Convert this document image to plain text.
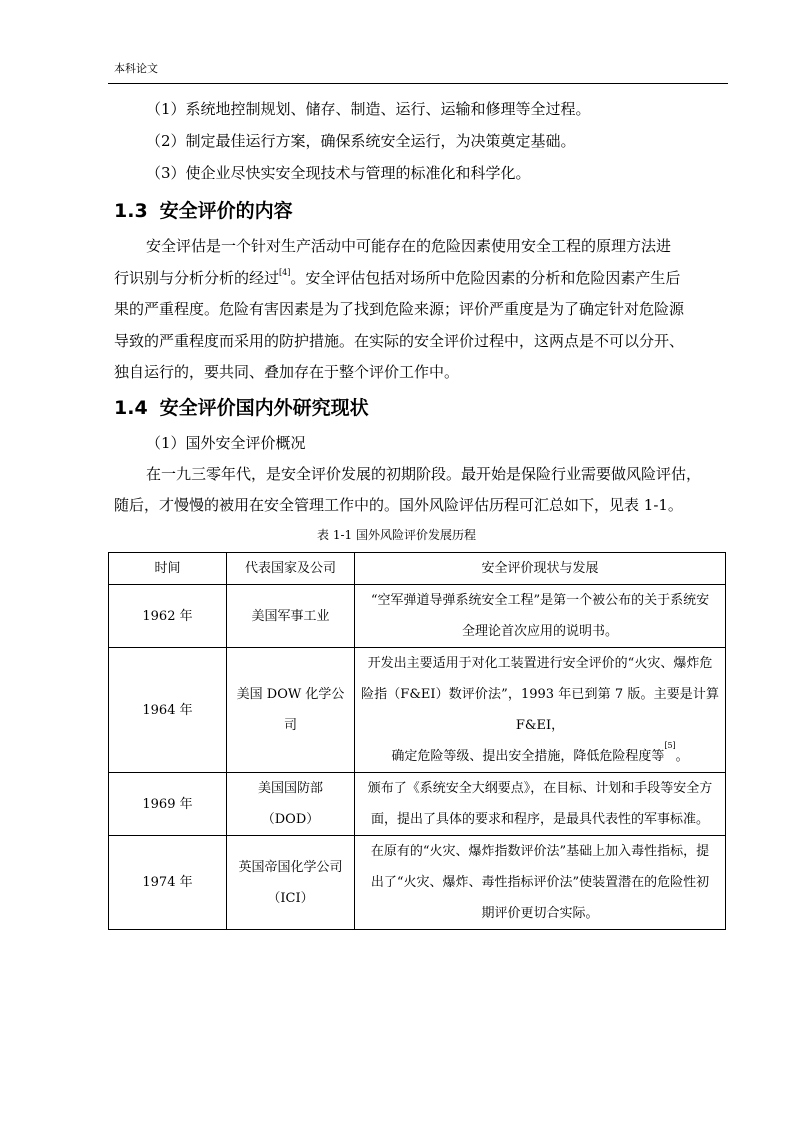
本科论文
（1）系统地控制规划、储存、制造、运行、运输和修理等全过程。
（2）制定最佳运行方案，确保系统安全运行，为决策奠定基础。
（3）使企业尽快实安全现技术与管理的标准化和科学化。
1.3 安全评价的内容
安全评估是一个针对生产活动中可能存在的危险因素使用安全工程的原理方法进
行识别与分析分析的经过[4]。安全评估包括对场所中危险因素的分析和危险因素产生后
果的严重程度。危险有害因素是为了找到危险来源；评价严重度是为了确定针对危险源
导致的严重程度而采用的防护措施。在实际的安全评价过程中，这两点是不可以分开、
独自运行的，要共同、叠加存在于整个评价工作中。
1.4 安全评价国内外研究现状
（1）国外安全评价概况
在一九三零年代，是安全评价发展的初期阶段。最开始是保险行业需要做风险评估，
随后，才慢慢的被用在安全管理工作中的。国外风险评估历程可汇总如下，见表 1-1。
表 1-1 国外风险评价发展历程
时间	代表国家及公司	安全评价现状与发展
1962 年	美国军事工业	“空军弹道导弹系统安全工程”是第一个被公布的关于系统安
全理论首次应用的说明书。
1964 年	美国 DOW 化学公司	开发出主要适用于对化工装置进行安全评价的“火灾、爆炸危
险指（F&EI）数评价法”，1993 年已到第 7 版。主要是计算 F&EI，
确定危险等级、提出安全措施，降低危险程度等[5]。
1969 年	美国国防部（DOD）	颁布了《系统安全大纲要点》，在目标、计划和手段等安全方
面，提出了具体的要求和程序，是最具代表性的军事标准。
1974 年	英国帝国化学公司
（ICI）	在原有的“火灾、爆炸指数评价法”基础上加入毒性指标，提
出了“火灾、爆炸、毒性指标评价法”使装置潜在的危险性初
期评价更切合实际。
